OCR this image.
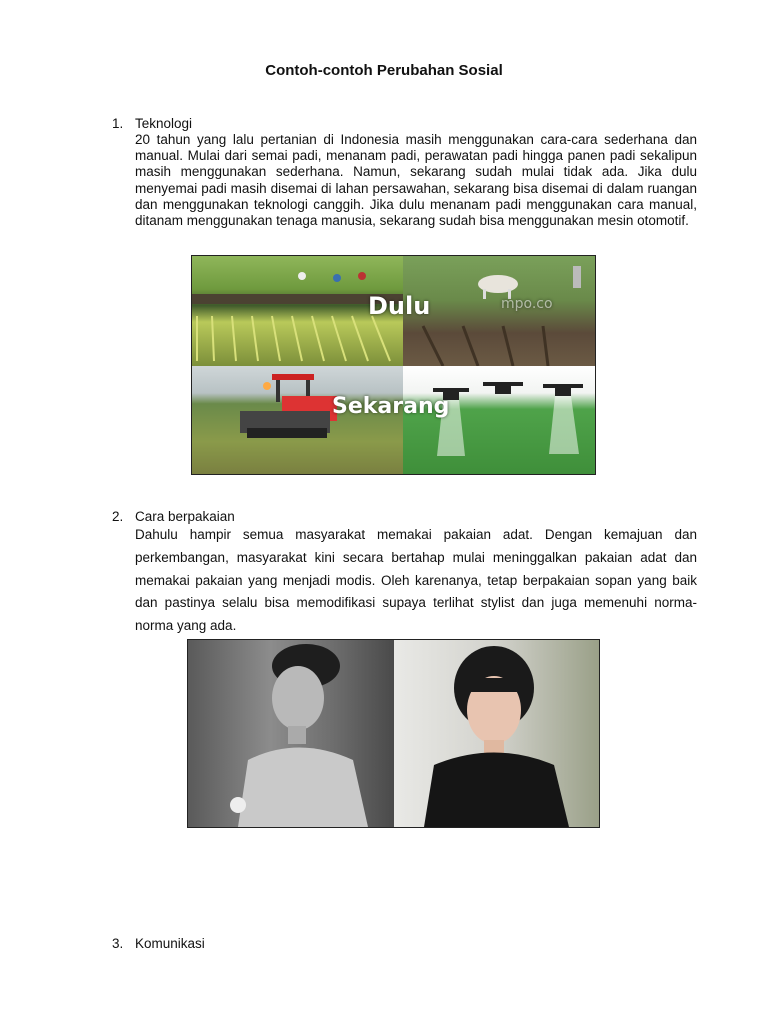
Contoh-contoh Perubahan Sosial
1. Teknologi
20 tahun yang lalu pertanian di Indonesia masih menggunakan cara-cara sederhana dan manual. Mulai dari semai padi, menanam padi, perawatan padi hingga panen padi sekalipun masih menggunakan sederhana. Namun, sekarang sudah mulai tidak ada. Jika dulu menyemai padi masih disemai di lahan persawahan, sekarang bisa disemai di dalam ruangan dan menggunakan teknologi canggih. Jika dulu menanam padi menggunakan cara manual, ditanam menggunakan tenaga manusia, sekarang sudah bisa menggunakan mesin otomotif.
mpo.co
Dulu
Sekarang
2. Cara berpakaian
Dahulu hampir semua masyarakat memakai pakaian adat. Dengan kemajuan dan perkembangan, masyarakat kini secara bertahap mulai meninggalkan pakaian adat dan memakai pakaian yang menjadi modis. Oleh karenanya, tetap berpakaian sopan yang baik dan pastinya selalu bisa memodifikasi supaya terlihat stylist dan juga memenuhi norma-norma yang ada.
3. Komunikasi
